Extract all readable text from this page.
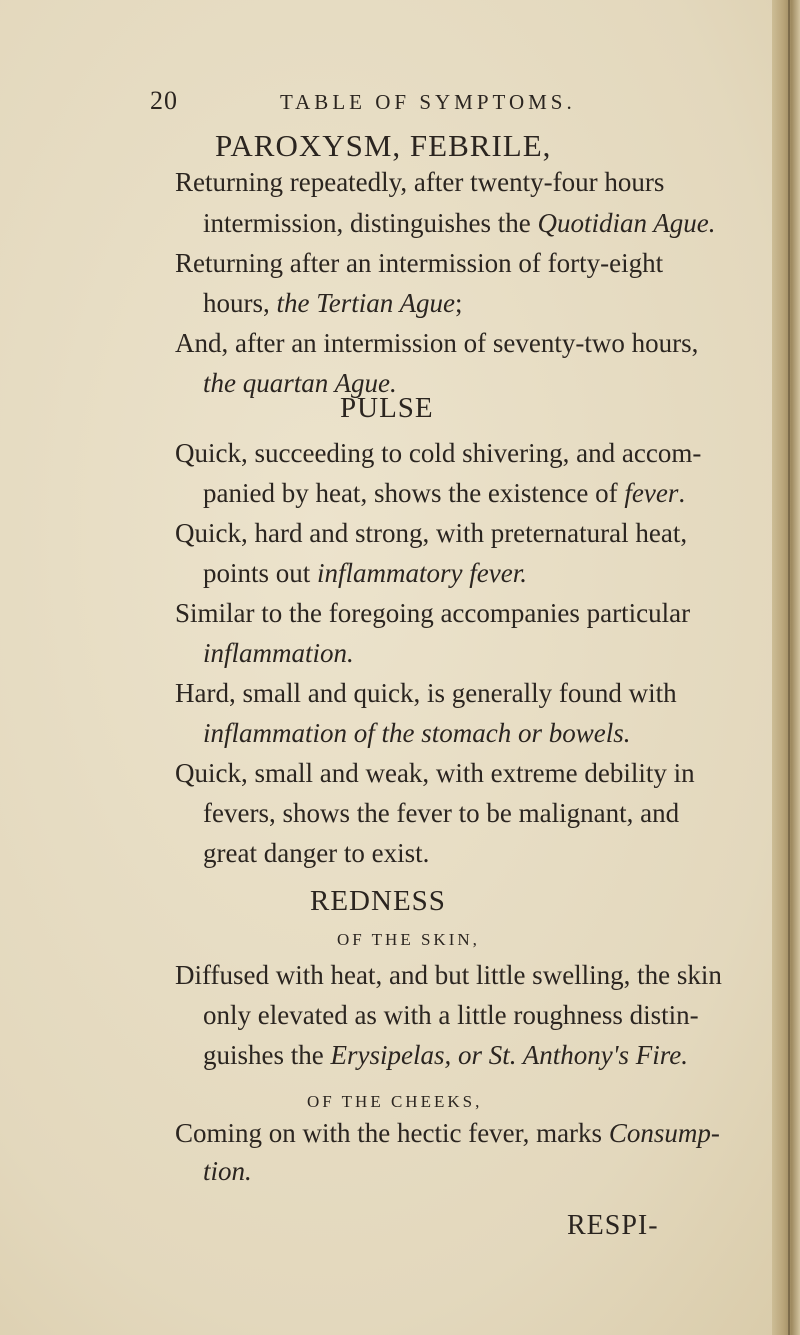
20	TABLE OF SYMPTOMS.
PAROXYSM, FEBRILE,
Returning repeatedly, after twenty-four hours
intermission, distinguishes the Quotidian Ague.
Returning after an intermission of forty-eight
hours, the Tertian Ague;
And, after an intermission of seventy-two hours,
the quartan Ague.
PULSE
Quick, succeeding to cold shivering, and accom-
panied by heat, shows the existence of fever.
Quick, hard and strong, with preternatural heat,
points out inflammatory fever.
Similar to the foregoing accompanies particular
inflammation.
Hard, small and quick, is generally found with
inflammation of the stomach or bowels.
Quick, small and weak, with extreme debility in
fevers, shows the fever to be malignant, and
great danger to exist.
REDNESS
OF THE SKIN,
Diffused with heat, and but little swelling, the skin
only elevated as with a little roughness distin-
guishes the Erysipelas, or St. Anthony's Fire.
OF THE CHEEKS,
Coming on with the hectic fever, marks Consump-
tion.
RESPI-
